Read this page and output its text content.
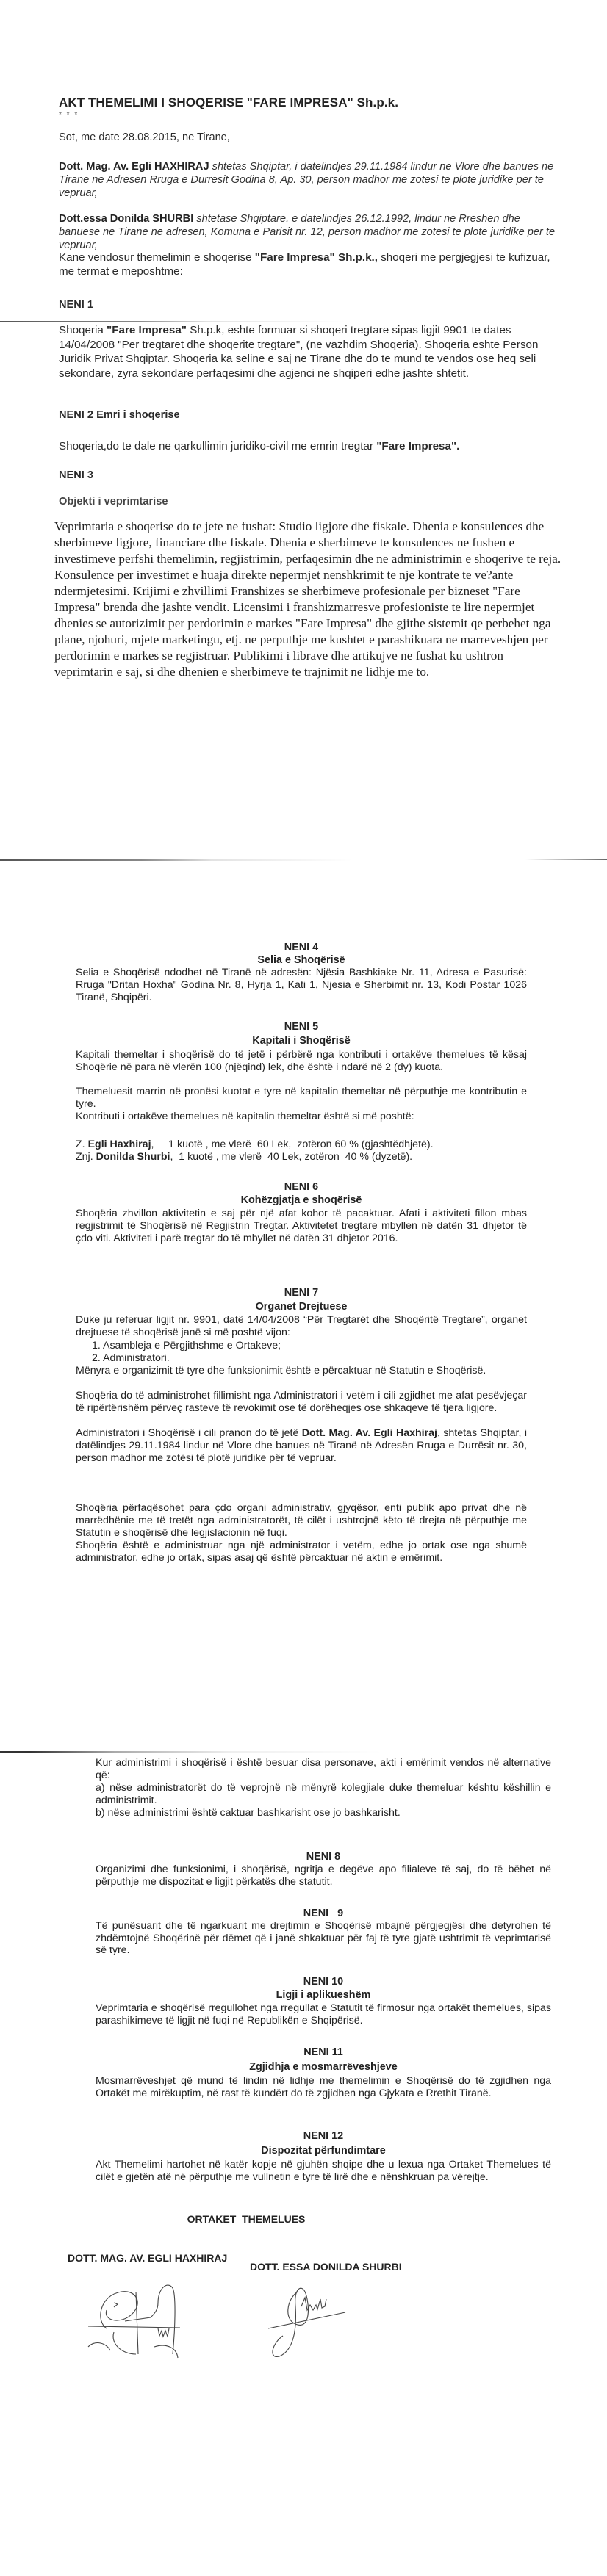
AKT THEMELIMI I SHOQERISE "FARE IMPRESA" Sh.p.k.
* * *
Sot, me date 28.08.2015, ne Tirane,
Dott. Mag. Av. Egli HAXHIRAJ shtetas Shqiptar, i datelindjes 29.11.1984 lindur ne Vlore dhe banues ne Tirane ne Adresen Rruga e Durresit Godina 8, Ap. 30, person madhor me zotesi te plote juridike per te vepruar,
Dott.essa Donilda SHURBI shtetase Shqiptare, e datelindjes 26.12.1992, lindur ne Rreshen dhe banuese ne Tirane ne adresen, Komuna e Parisit nr. 12, person madhor me zotesi te plote juridike per te vepruar,
Kane vendosur themelimin e shoqerise "Fare Impresa" Sh.p.k., shoqeri me pergjegjesi te kufizuar, me termat e meposhtme:
NENI 1
Shoqeria "Fare Impresa" Sh.p.k, eshte formuar si shoqeri tregtare sipas ligjit 9901 te dates 14/04/2008 "Per tregtaret dhe shoqerite tregtare", (ne vazhdim Shoqeria). Shoqeria eshte Person Juridik Privat Shqiptar. Shoqeria ka seline e saj ne Tirane dhe do te mund te vendos ose heq seli sekondare, zyra sekondare perfaqesimi dhe agjenci ne shqiperi edhe jashte shtetit.
NENI 2 Emri i shoqerise
Shoqeria,do te dale ne qarkullimin juridiko-civil me emrin tregtar "Fare Impresa".
NENI 3
Objekti i veprimtarise
Veprimtaria e shoqerise do te jete ne fushat: Studio ligjore dhe fiskale. Dhenia e konsulences dhe sherbimeve ligjore, financiare dhe fiskale. Dhenia e sherbimeve te konsulences ne fushen e investimeve perfshi themelimin, regjistrimin, perfaqesimin dhe ne administrimin e shoqerive te reja. Konsulence per investimet e huaja direkte nepermjet nenshkrimit te nje kontrate te ve?ante ndermjetesimi. Krijimi e zhvillimi Franshizes se sherbimeve profesionale per bizneset "Fare Impresa" brenda dhe jashte vendit. Licensimi i franshizmarresve profesioniste te lire nepermjet dhenies se autorizimit per perdorimin e markes "Fare Impresa" dhe gjithe sistemit qe perbehet nga plane, njohuri, mjete marketingu, etj. ne perputhje me kushtet e parashikuara ne marreveshjen per perdorimin e markes se regjistruar. Publikimi i librave dhe artikujve ne fushat ku ushtron veprimtarin e saj, si dhe dhenien e sherbimeve te trajnimit ne lidhje me to.
NENI 4
Selia e Shoqërisë
Selia e Shoqërisë ndodhet në Tiranë në adresën: Njësia Bashkiake Nr. 11, Adresa e Pasurisë: Rruga "Dritan Hoxha" Godina Nr. 8, Hyrja 1, Kati 1, Njesia e Sherbimit nr. 13, Kodi Postar 1026 Tiranë, Shqipëri.
NENI 5
Kapitali i Shoqërisë
Kapitali themeltar i shoqërisë do të jetë i përbërë nga kontributi i ortakëve themelues të kësaj Shoqërie në para në vlerën 100 (njëqind) lek, dhe është i ndarë në 2 (dy) kuota.
Themeluesit marrin në pronësi kuotat e tyre në kapitalin themeltar në përputhje me kontributin e tyre.
Kontributi i ortakëve themelues në kapitalin themeltar është si më poshtë:
Z. Egli Haxhiraj,     1 kuotë , me vlerë  60 Lek,  zotëron 60 % (gjashtëdhjetë).
Znj. Donilda Shurbi,  1 kuotë , me vlerë  40 Lek, zotëron  40 % (dyzetë).
NENI 6
Kohëzgjatja e shoqërisë
Shoqëria zhvillon aktivitetin e saj për një afat kohor të pacaktuar. Afati i aktiviteti fillon mbas regjistrimit të Shoqërisë në Regjistrin Tregtar. Aktivitetet tregtare mbyllen në datën 31 dhjetor të çdo viti. Aktiviteti i parë tregtar do të mbyllet në datën 31 dhjetor 2016.
NENI 7
Organet Drejtuese
Duke ju referuar ligjit nr. 9901, datë 14/04/2008 “Për Tregtarët dhe Shoqëritë Tregtare”, organet drejtuese të shoqërisë janë si më poshtë vijon:
1. Asambleja e Përgjithshme e Ortakeve;
2. Administratori.
Mënyra e organizimit të tyre dhe funksionimit është e përcaktuar në Statutin e Shoqërisë.
Shoqëria do të administrohet fillimisht nga Administratori i vetëm i cili zgjidhet me afat pesëvjeçar të ripërtërishëm përveç rasteve të revokimit ose të dorëheqjes ose shkaqeve të tjera ligjore.
Administratori i Shoqërisë i cili pranon do të jetë Dott. Mag. Av. Egli Haxhiraj, shtetas Shqiptar, i datëlindjes 29.11.1984 lindur në Vlore dhe banues në Tiranë në Adresën Rruga e Durrësit nr. 30, person madhor me zotësi të plotë juridike për të vepruar.
Shoqëria përfaqësohet para çdo organi administrativ, gjyqësor, enti publik apo privat dhe në marrëdhënie me të tretët nga administratorët, të cilët i ushtrojnë këto të drejta në përputhje me Statutin e shoqërisë dhe legjislacionin në fuqi.
Shoqëria është e administruar nga një administrator i vetëm, edhe jo ortak ose nga shumë administrator, edhe jo ortak, sipas asaj që është përcaktuar në aktin e emërimit.
Kur administrimi i shoqërisë i është besuar disa personave, akti i emërimit vendos në alternative që:
a) nëse administratorët do të veprojnë në mënyrë kolegjiale duke themeluar kështu këshillin e administrimit.
b) nëse administrimi është caktuar bashkarisht ose jo bashkarisht.
NENI 8
Organizimi dhe funksionimi, i shoqërisë, ngritja e degëve apo filialeve të saj, do të bëhet në përputhje me dispozitat e ligjit përkatës dhe statutit.
NENI   9
Të punësuarit dhe të ngarkuarit me drejtimin e Shoqërisë mbajnë përgjegjësi dhe detyrohen të zhdëmtojnë Shoqërinë për dëmet që i janë shkaktuar për faj të tyre gjatë ushtrimit të veprimtarisë së tyre.
NENI 10
Ligji i aplikueshëm
Veprimtaria e shoqërisë rregullohet nga rregullat e Statutit të firmosur nga ortakët themelues, sipas parashikimeve të ligjit në fuqi në Republikën e Shqipërisë.
NENI 11
Zgjidhja e mosmarrëveshjeve
Mosmarrëveshjet që mund të lindin në lidhje me themelimin e Shoqërisë do të zgjidhen nga Ortakët me mirëkuptim, në rast të kundërt do të zgjidhen nga Gjykata e Rrethit Tiranë.
NENI 12
Dispozitat përfundimtare
Akt Themelimi hartohet në katër kopje në gjuhën shqipe dhe u lexua nga Ortaket Themelues të cilët e gjetën atë në përputhje me vullnetin e tyre të lirë dhe e nënshkruan pa vërejtje.
ORTAKET  THEMELUES
DOTT. MAG. AV. EGLI HAXHIRAJ
DOTT. ESSA DONILDA SHURBI
